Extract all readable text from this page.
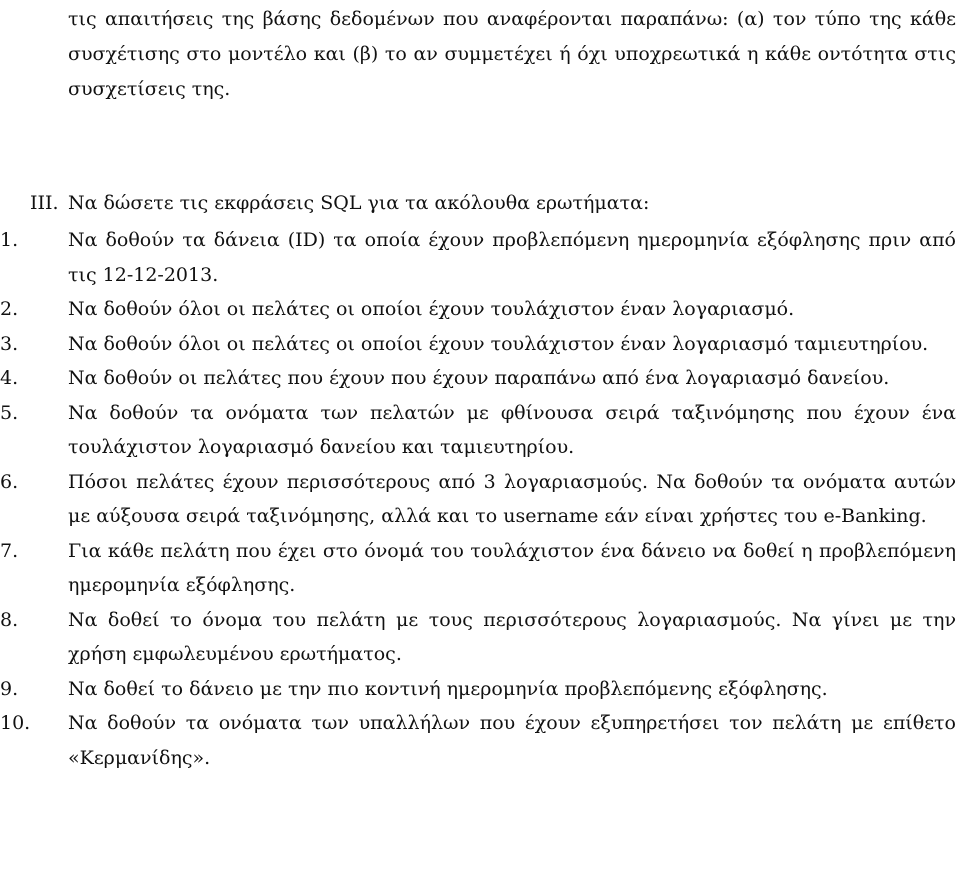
τις απαιτήσεις της βάσης δεδομένων που αναφέρονται παραπάνω: (α) τον τύπο της κάθε συσχέτισης στο μοντέλο και (β) το αν συμμετέχει ή όχι υποχρεωτικά η κάθε οντότητα στις συσχετίσεις της.

III. Να δώσετε τις εκφράσεις SQL για τα ακόλουθα ερωτήματα:
1.	Να δοθούν τα δάνεια (ID) τα οποία έχουν προβλεπόμενη ημερομηνία εξόφλησης πριν από τις 12-12-2013.
2.	Να δοθούν όλοι οι πελάτες οι οποίοι έχουν τουλάχιστον έναν λογαριασμό.
3.	Να δοθούν όλοι οι πελάτες οι οποίοι έχουν τουλάχιστον έναν λογαριασμό ταμιευτηρίου.
4.	Να δοθούν οι πελάτες που έχουν που έχουν παραπάνω από ένα λογαριασμό δανείου.
5.	Να δοθούν τα ονόματα των πελατών με φθίνουσα σειρά ταξινόμησης που έχουν ένα τουλάχιστον λογαριασμό δανείου και ταμιευτηρίου.
6.	Πόσοι πελάτες έχουν περισσότερους από 3 λογαριασμούς. Να δοθούν τα ονόματα αυτών με αύξουσα σειρά ταξινόμησης, αλλά και το username εάν είναι χρήστες του e-Banking.
7.	Για κάθε πελάτη που έχει στο όνομά του τουλάχιστον ένα δάνειο να δοθεί η προβλεπόμενη ημερομηνία εξόφλησης.
8.	Να δοθεί το όνομα του πελάτη με τους περισσότερους λογαριασμούς. Να γίνει με την χρήση εμφωλευμένου ερωτήματος.
9.	Να δοθεί το δάνειο με την πιο κοντινή ημερομηνία προβλεπόμενης εξόφλησης.
10.	Να δοθούν τα ονόματα των υπαλλήλων που έχουν εξυπηρετήσει τον πελάτη με επίθετο «Κερμανίδης».
